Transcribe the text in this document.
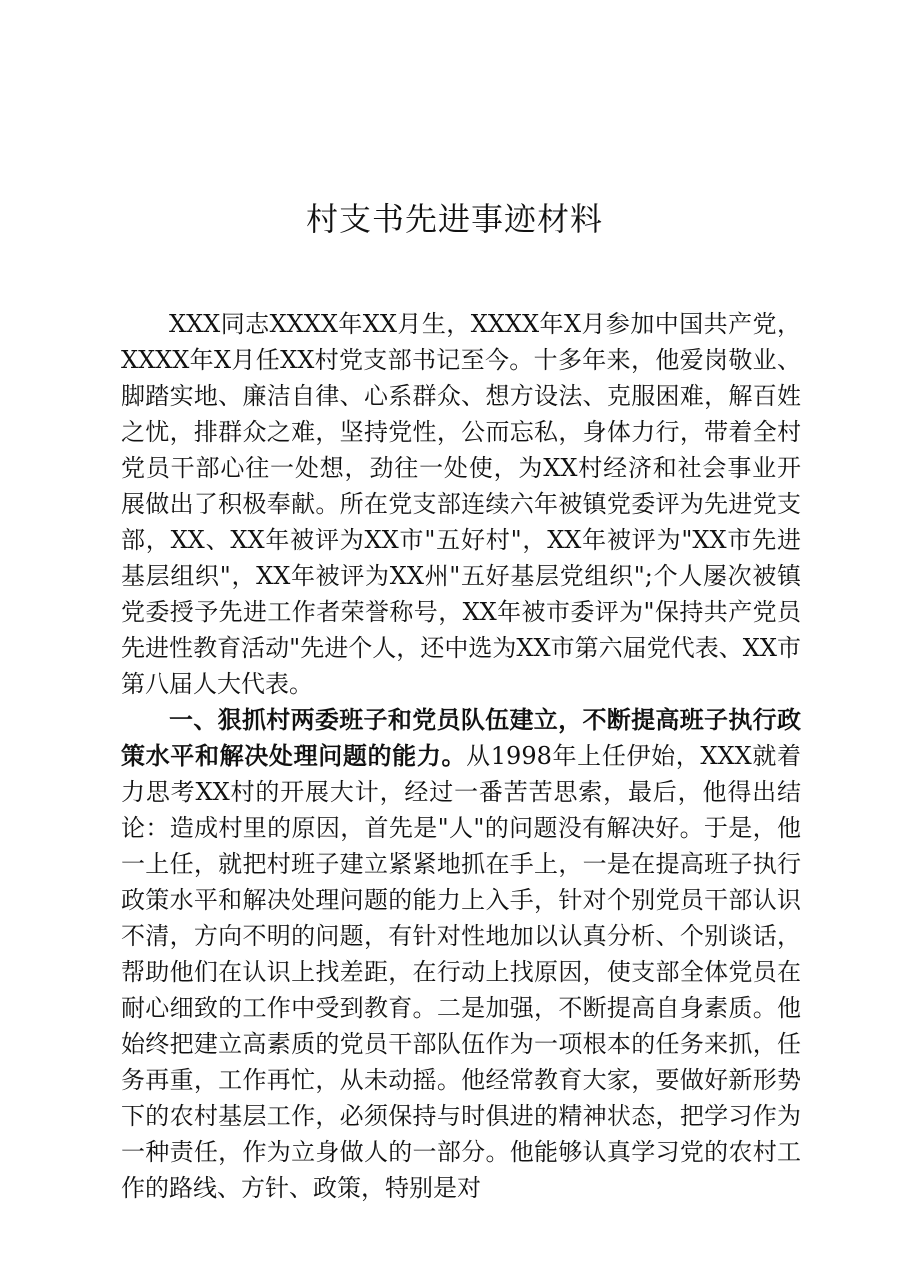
村支书先进事迹材料

XXX同志XXXX年XX月生，XXXX年X月参加中国共产党，XXXX年X月任XX村党支部书记至今。十多年来，他爱岗敬业、脚踏实地、廉洁自律、心系群众、想方设法、克服困难，解百姓之忧，排群众之难，坚持党性，公而忘私，身体力行，带着全村党员干部心往一处想，劲往一处使，为XX村经济和社会事业开展做出了积极奉献。所在党支部连续六年被镇党委评为先进党支部，XX、XX年被评为XX市"五好村"，XX年被评为"XX市先进基层组织"，XX年被评为XX州"五好基层党组织";个人屡次被镇党委授予先进工作者荣誉称号，XX年被市委评为"保持共产党员先进性教育活动"先进个人，还中选为XX市第六届党代表、XX市第八届人大代表。

一、狠抓村两委班子和党员队伍建立，不断提高班子执行政策水平和解决处理问题的能力。从1998年上任伊始，XXX就着力思考XX村的开展大计，经过一番苦苦思索，最后，他得出结论：造成村里的原因，首先是"人"的问题没有解决好。于是，他一上任，就把村班子建立紧紧地抓在手上，一是在提高班子执行政策水平和解决处理问题的能力上入手，针对个别党员干部认识不清，方向不明的问题，有针对性地加以认真分析、个别谈话，帮助他们在认识上找差距，在行动上找原因，使支部全体党员在耐心细致的工作中受到教育。二是加强，不断提高自身素质。他始终把建立高素质的党员干部队伍作为一项根本的任务来抓，任务再重，工作再忙，从未动摇。他经常教育大家，要做好新形势下的农村基层工作，必须保持与时俱进的精神状态，把学习作为一种责任，作为立身做人的一部分。他能够认真学习党的农村工作的路线、方针、政策，特别是对
